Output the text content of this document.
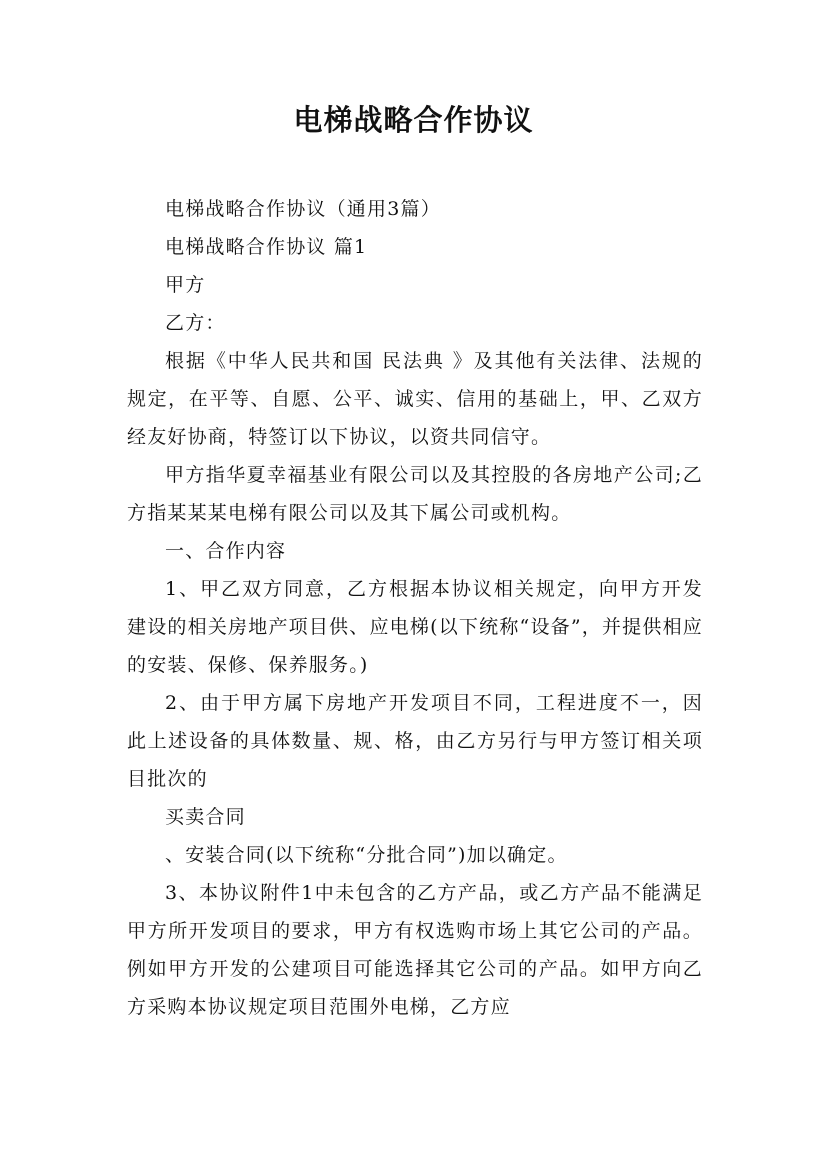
电梯战略合作协议

电梯战略合作协议（通用3篇）

电梯战略合作协议 篇1

甲方

乙方：

根据《中华人民共和国 民法典 》及其他有关法律、法规的规定，在平等、自愿、公平、诚实、信用的基础上，甲、乙双方经友好协商，特签订以下协议，以资共同信守。

甲方指华夏幸福基业有限公司以及其控股的各房地产公司;乙方指某某某电梯有限公司以及其下属公司或机构。

一、合作内容

1、甲乙双方同意，乙方根据本协议相关规定，向甲方开发建设的相关房地产项目供、应电梯(以下统称“设备”，并提供相应的安装、保修、保养服务。)

2、由于甲方属下房地产开发项目不同，工程进度不一，因此上述设备的具体数量、规、格，由乙方另行与甲方签订相关项目批次的

买卖合同

、安装合同(以下统称“分批合同”)加以确定。

3、本协议附件1中未包含的乙方产品，或乙方产品不能满足甲方所开发项目的要求，甲方有权选购市场上其它公司的产品。例如甲方开发的公建项目可能选择其它公司的产品。如甲方向乙方采购本协议规定项目范围外电梯，乙方应
